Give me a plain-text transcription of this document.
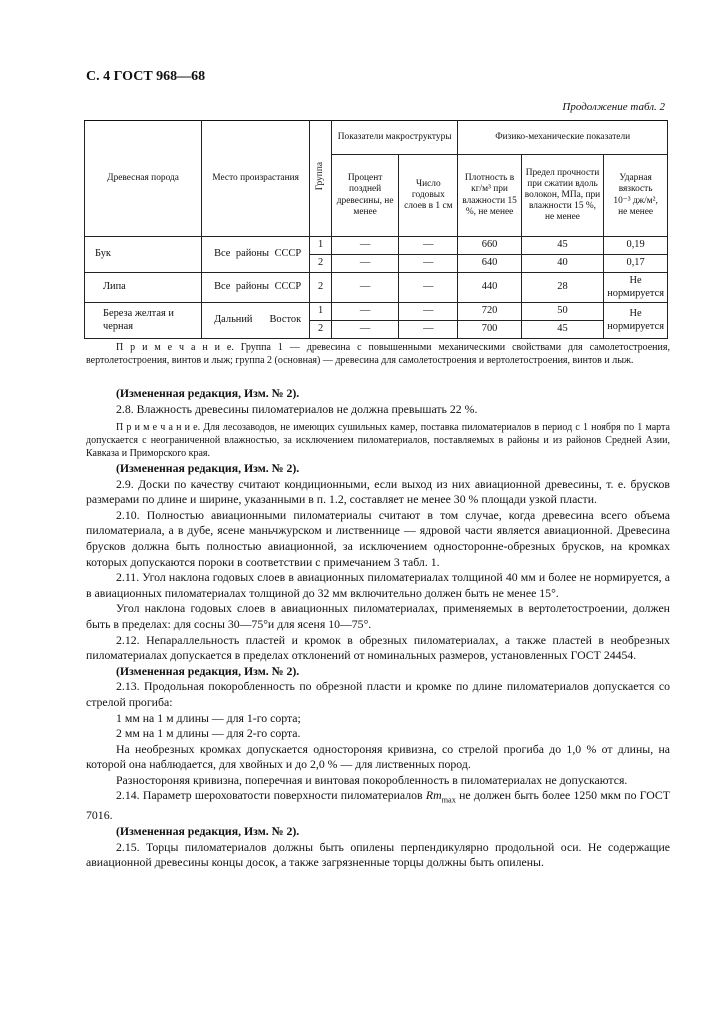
С. 4 ГОСТ 968—68
Продолжение табл. 2
Древесная порода	Место произрастания	Группа	Показатели макроструктуры		Физико-механические показатели		
			Процент поздней древесины, не менее	Число годовых слоев в 1 см	Плотность в кг/м³ при влажности 15 %, не менее	Предел прочности при сжатии вдоль волокон, МПа, при влажности 15 %, не менее	Ударная вязкость
10⁻³ дж/м²,
не менее
Бук	Все районы СССР	1	—	—	660	45	0,19
		2	—	—	640	40	0,17
Липа	Все районы СССР	2	—	—	440	28	Не нормируется
Береза желтая и черная	Дальний Восток	1	—	—	720	50	Не нормируется
		2	—	—	700	45	
П р и м е ч а н и е. Группа 1 — древесина с повышенными механическими свойствами для самолетостроения, вертолетостроения, винтов и лыж; группа 2 (основная) — древесина для самолетостроения и вертолетостроения, винтов и лыж.

(Измененная редакция, Изм. № 2).

2.8. Влажность древесины пиломатериалов не должна превышать 22 %.

П р и м е ч а н и е. Для лесозаводов, не имеющих сушильных камер, поставка пиломатериалов в период с 1 ноября по 1 марта допускается с неограниченной влажностью, за исключением пиломатериалов, поставляемых в районы и из районов Средней Азии, Кавказа и Приморского края.

(Измененная редакция, Изм. № 2).

2.9. Доски по качеству считают кондиционными, если выход из них авиационной древесины, т. е. брусков размерами по длине и ширине, указанными в п. 1.2, составляет не менее 30 % площади узкой пласти.

2.10. Полностью авиационными пиломатериалы считают в том случае, когда древесина всего объема пиломатериала, а в дубе, ясене маньчжурском и лиственнице — ядровой части является авиационной. Древесина брусков должна быть полностью авиационной, за исключением односторонне-обрезных брусков, на кромках которых допускаются пороки в соответствии с примечанием 3 табл. 1.

2.11. Угол наклона годовых слоев в авиационных пиломатериалах толщиной 40 мм и более не нормируется, а в авиационных пиломатериалах толщиной до 32 мм включительно должен быть не менее 15°.

Угол наклона годовых слоев в авиационных пиломатериалах, применяемых в вертолетостроении, должен быть в пределах: для сосны 30—75°и для ясеня 10—75°.

2.12. Непараллельность пластей и кромок в обрезных пиломатериалах, а также пластей в необрезных пиломатериалах допускается в пределах отклонений от номинальных размеров, установленных ГОСТ 24454.

(Измененная редакция, Изм. № 2).

2.13. Продольная покоробленность по обрезной пласти и кромке по длине пиломатериалов допускается со стрелой прогиба:

1 мм на 1 м длины — для 1-го сорта;

2 мм на 1 м длины — для 2-го сорта.

На необрезных кромках допускается одностороняя кривизна, со стрелой прогиба до 1,0 % от длины, на которой она наблюдается, для хвойных и до 2,0 % — для лиственных пород.

Разностороняя кривизна, поперечная и винтовая покоробленность в пиломатериалах не допускаются.

2.14. Параметр шероховатости поверхности пиломатериалов $Rm_{max}$ не должен быть более 1250 мкм по ГОСТ 7016.

(Измененная редакция, Изм. № 2).

2.15. Торцы пиломатериалов должны быть опилены перпендикулярно продольной оси. Не содержащие авиационной древесины концы досок, а также загрязненные торцы должны быть опилены.
